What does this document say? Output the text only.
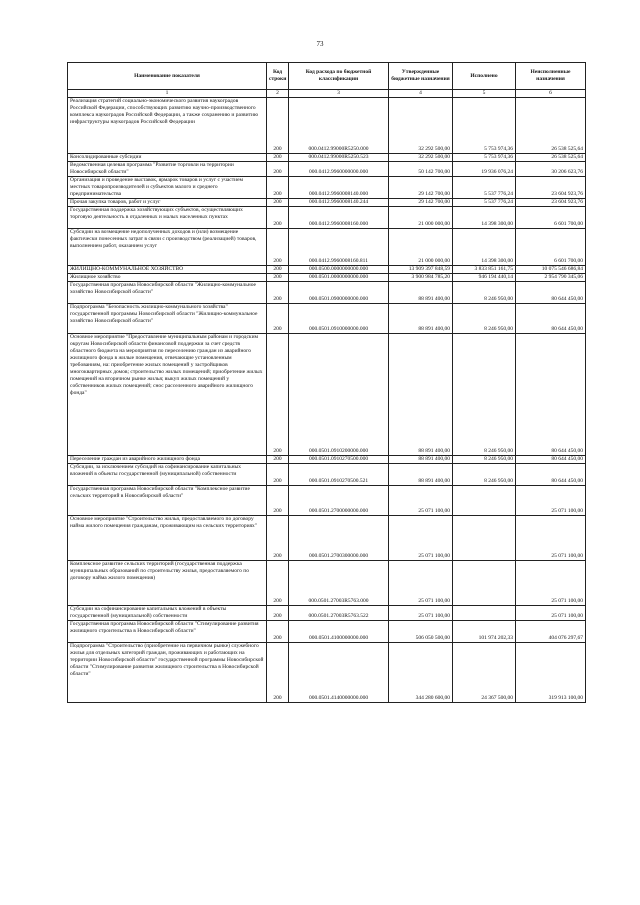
73
Наименование показателя	Код строки	Код расхода по бюджетной классификации	Утвержденные бюджетные назначения	Исполнено	Неисполненные назначения
1	2	3	4	5	6
Реализация стратегий социально-экономического развития наукоградов Российской Федерации, способствующих развитию научно-производственного комплекса наукоградов Российской Федерации, а также сохранению и развитию инфраструктуры наукоградов Российской Федерации	200	000.0412.99000R5250.000	32 292 500,00	5 753 974,36	26 538 525,64
Консолидированные субсидии	200	000.0412.99000R5250.523	32 292 500,00	5 753 974,36	26 538 525,64
Ведомственная целевая программа "Развитие торговли на территории Новосибирской области"	200	000.0412.9960000000.000	50 142 700,00	19 936 076,24	30 206 623,76
Организация и проведение выставок, ярмарок товаров и услуг с участием местных товаропроизводителей и субъектов малого и среднего предпринимательства	200	000.0412.9960008140.000	29 142 700,00	5 537 776,24	23 604 923,76
Прочая закупка товаров, работ и услуг	200	000.0412.9960008140.244	29 142 700,00	5 537 776,24	23 604 923,76
Государственная поддержка хозяйствующих субъектов, осуществляющих торговую деятельность в отдаленных и малых населенных пунктах	200	000.0412.9960008160.000	21 000 000,00	14 398 300,00	6 601 700,00
Субсидии на возмещение недополученных доходов и (или) возмещение фактически понесенных затрат в связи с производством (реализацией) товаров, выполнением работ, оказанием услуг	200	000.0412.9960008160.811	21 000 000,00	14 398 300,00	6 601 700,00
ЖИЛИЩНО-КОММУНАЛЬНОЕ ХОЗЯЙСТВО	200	000.0500.0000000000.000	13 909 397 848,59	3 833 851 161,75	10 075 546 686,84
Жилищное хозяйство	200	000.0501.0000000000.000	3 900 984 785,20	946 194 440,14	2 954 790 345,06
Государственная программа Новосибирской области "Жилищно-коммунальное хозяйство Новосибирской области"	200	000.0501.0900000000.000	88 891 400,00	8 246 950,00	80 644 450,00
Подпрограмма "Безопасность жилищно-коммунального хозяйства" государственной программы Новосибирской области "Жилищно-коммунальное хозяйство Новосибирской области"	200	000.0501.0910000000.000	88 891 400,00	8 246 950,00	80 644 450,00
Основное мероприятие "Предоставление муниципальным районам и городским округам Новосибирской области финансовой поддержки за счет средств областного бюджета на мероприятия по переселению граждан из аварийного жилищного фонда в жилые помещения, отвечающие установленным требованиям, на: приобретение жилых помещений у застройщиков многоквартирных домов; строительство жилых помещений; приобретение жилых помещений на вторичном рынке жилья; выкуп жилых помещений у собственников жилых помещений; снос расселенного аварийного жилищного фонда"	200	000.0501.0910200000.000	88 891 400,00	8 246 950,00	80 644 450,00
Переселение граждан из аварийного жилищного фонда	200	000.0501.0910270500.000	88 891 400,00	8 246 950,00	80 644 450,00
Субсидии, за исключением субсидий на софинансирование капитальных вложений в объекты государственной (муниципальной) собственности	200	000.0501.0910270500.521	88 891 400,00	8 246 950,00	80 644 450,00
Государственная программа Новосибирской области "Комплексное развитие сельских территорий в Новосибирской области"	200	000.0501.2700000000.000	25 071 100,00		25 071 100,00
Основное мероприятие "Строительство жилья, предоставляемого по договору найма жилого помещения гражданам, проживающим на сельских территориях"	200	000.0501.2700300000.000	25 071 100,00		25 071 100,00
Комплексное развитие сельских территорий (государственная поддержка муниципальных образований по строительству жилья, предоставляемого по договору найма жилого помещения)	200	000.0501.27003R5763.000	25 071 100,00		25 071 100,00
Субсидии на софинансирование капитальных вложений в объекты государственной (муниципальной) собственности	200	000.0501.27003R5763.522	25 071 100,00		25 071 100,00
Государственная программа Новосибирской области "Стимулирование развития жилищного строительства в Новосибирской области"	200	000.0501.4100000000.000	506 050 500,00	101 974 202,33	404 076 297,67
Подпрограмма "Строительство (приобретение на первичном рынке) служебного жилья для отдельных категорий граждан, проживающих и работающих на территории Новосибирской области" государственной программы Новосибирской области "Стимулирование развития жилищного строительства в Новосибирской области"	200	000.0501.4140000000.000	344 280 600,00	24 367 500,00	319 913 100,00
